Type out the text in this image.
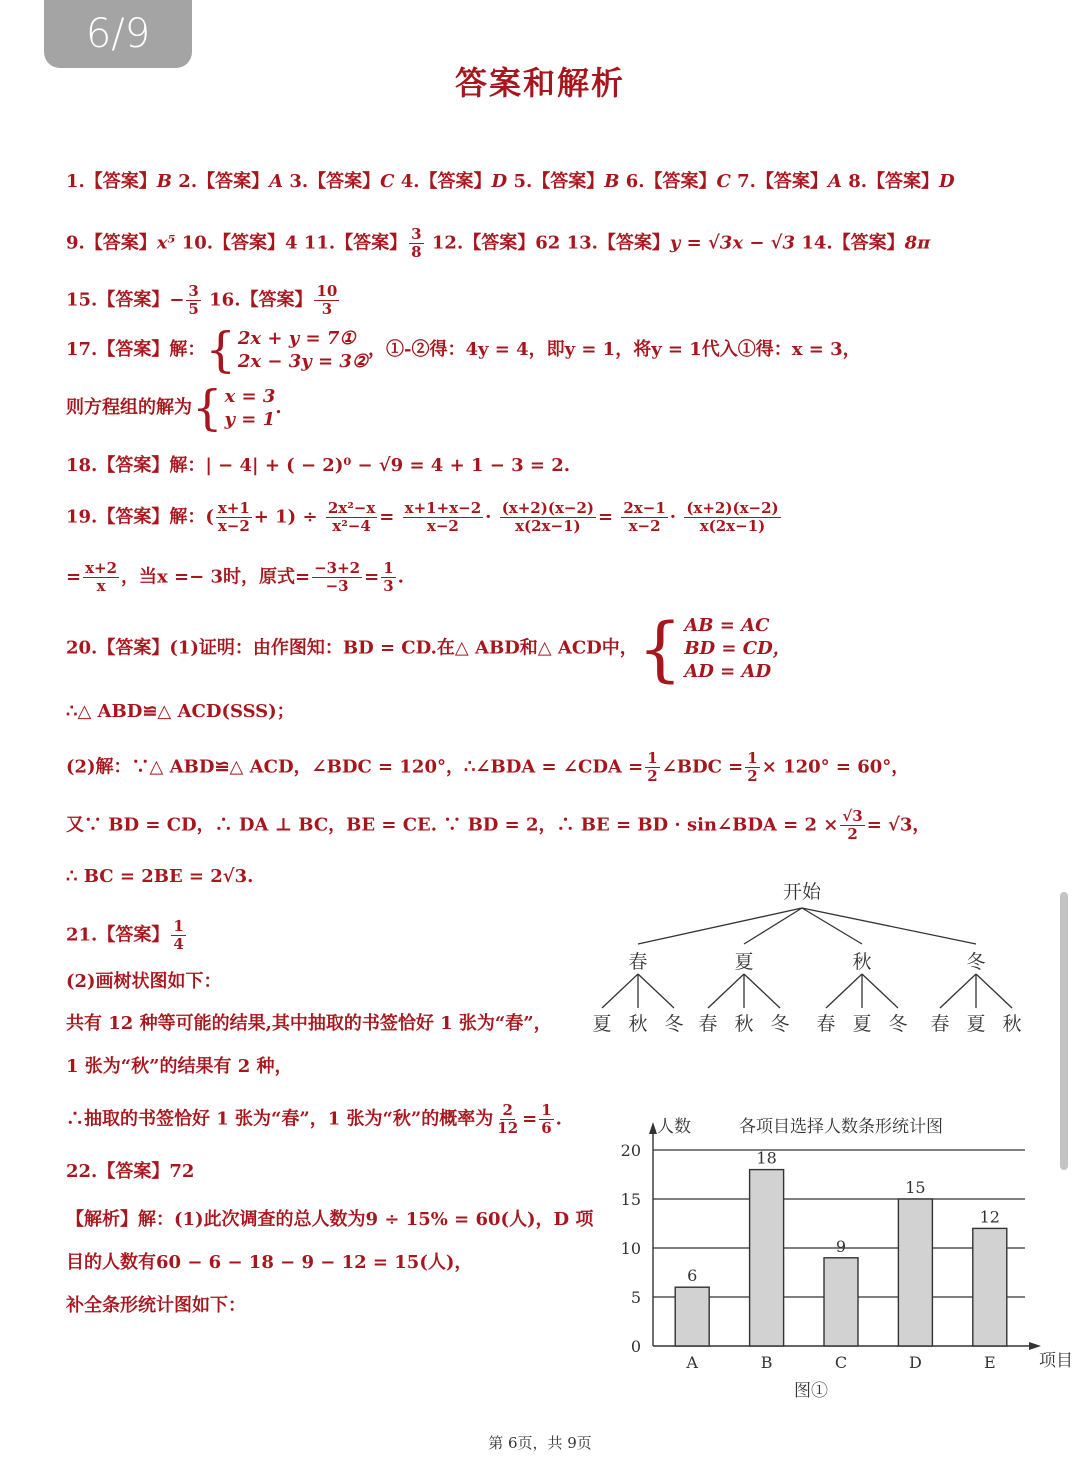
6/9
答案和解析
1.【答案】B 2.【答案】A 3.【答案】C 4.【答案】D 5.【答案】B 6.【答案】C 7.【答案】A 8.【答案】D
9.【答案】x⁵ 10.【答案】4 11.【答案】 $\frac{3}{8} 12$.【答案】62 13.【答案】y = √3x − √3 14.【答案】8π
15.【答案】− $\frac{3}{5} 16$.【答案】 $\frac{10}{3}$
17.【答案】解： { 2x + y = 7①
2x − 3y = 3②
，①-②得：4y = 4，即y = 1，将y = 1代入①得：x = 3，
则方程组的解为 { x = 3
y = 1
.
18.【答案】解：| − 4| + ( − 2)⁰ − √9 = 4 + 1 − 3 = 2.
19.【答案】解：( $\frac{x+1}{x-2} + 1) \div \frac{\text{2x²−x}}{\text{x²−4}} = \frac{x+1+x-2}{x-2} \cdot \frac{(x+2)(x-2)}{x(2x-1)} = \frac{2x-1}{x-2} \cdot \frac{(x+2)(x-2)}{x(2x-1)}$
= $\frac{x+2}{x}$ ，当x =− 3时，原式= $\frac{-3+2}{-3} = \frac{1}{3}$ .
20.【答案】(1)证明：由作图知：BD = CD.在△ ABD和△ ACD中， { AB = AC
BD = CD，
AD = AD
∴△ ABD≌△ ACD(SSS)；
(2)解：∵△ ABD≌△ ACD，∠BDC = 120°，∴∠BDA = ∠CDA = $\frac{1}{2}$ ∠BDC = $\frac{1}{2} \times 120^\circ = 60^\circ$，
又∵ BD = CD，∴ DA ⊥ BC，BE = CE. ∵ BD = 2，∴ BE = BD · sin∠BDA = $2 \times \frac{√3}{2} = √3$，
∴ BC = 2BE = 2√3.
21.【答案】 $\frac{1}{4}$
(2)画树状图如下：
共有 12 种等可能的结果,其中抽取的书签恰好 1 张为“春”，
1 张为“秋”的结果有 2 种，
∴抽取的书签恰好 1 张为“春”，1 张为“秋”的概率为 $\frac{2}{12} = \frac{1}{6}$ .
22.【答案】72
【解析】解：(1)此次调查的总人数为9 ÷ 15% = 60(人)，D 项
目的人数有60 − 6 − 18 − 9 − 12 = 15(人)，
补全条形统计图如下：
开始
春
夏 秋 冬
夏
春 秋 冬
秋
春 夏 冬
冬
春 夏 秋
人数	各项目选择人数条形统计图
0
5
10
15
20
6
A
18
B
9
C
15
D
12
E	项目
图①
第 6页，共 9页
